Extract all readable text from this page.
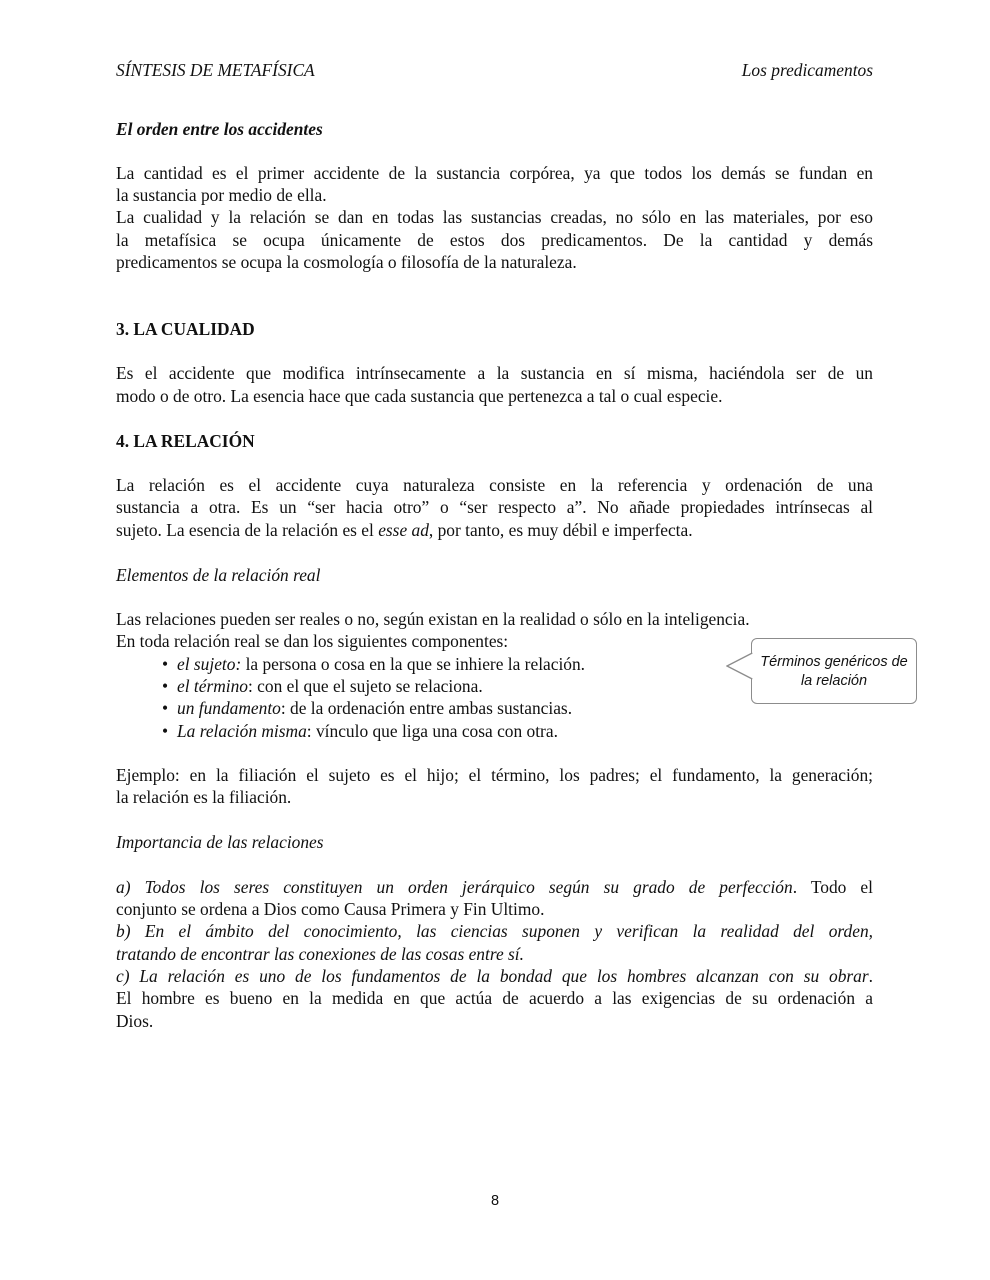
SÍNTESIS DE METAFÍSICA	Los predicamentos
El orden entre los accidentes
La cantidad es el primer accidente de la sustancia corpórea, ya que todos los demás se fundan en
la sustancia por medio de ella.
La cualidad y la relación se dan en todas las sustancias creadas, no sólo en las materiales, por eso
la metafísica se ocupa únicamente de estos dos predicamentos. De la cantidad y demás
predicamentos se ocupa la cosmología o filosofía de la naturaleza.
3. LA CUALIDAD
Es el accidente que modifica intrínsecamente a la sustancia en sí misma, haciéndola ser de un
modo o de otro. La esencia hace que cada sustancia que pertenezca a tal o cual especie.
4. LA RELACIÓN
La relación es el accidente cuya naturaleza consiste en la referencia y ordenación de una
sustancia a otra. Es un “ser hacia otro” o “ser respecto a”. No añade propiedades intrínsecas al
sujeto. La esencia de la relación es el esse ad, por tanto, es muy débil e imperfecta.
Elementos de la relación real
Las relaciones pueden ser reales o no, según existan en la realidad o sólo en la inteligencia.
En toda relación real se dan los siguientes componentes:
• el sujeto: la persona o cosa en la que se inhiere la relación.
• el término: con el que el sujeto se relaciona.
• un fundamento: de la ordenación entre ambas sustancias.
• La relación misma: vínculo que liga una cosa con otra.
Términos genéricos de
la relación
Ejemplo: en la filiación el sujeto es el hijo; el término, los padres; el fundamento, la generación;
la relación es la filiación.
Importancia de las relaciones
a) Todos los seres constituyen un orden jerárquico según su grado de perfección. Todo el
conjunto se ordena a Dios como Causa Primera y Fin Ultimo.
b) En el ámbito del conocimiento, las ciencias suponen y verifican la realidad del orden,
tratando de encontrar las conexiones de las cosas entre sí.
c) La relación es uno de los fundamentos de la bondad que los hombres alcanzan con su obrar.
El hombre es bueno en la medida en que actúa de acuerdo a las exigencias de su ordenación a
Dios.
8
